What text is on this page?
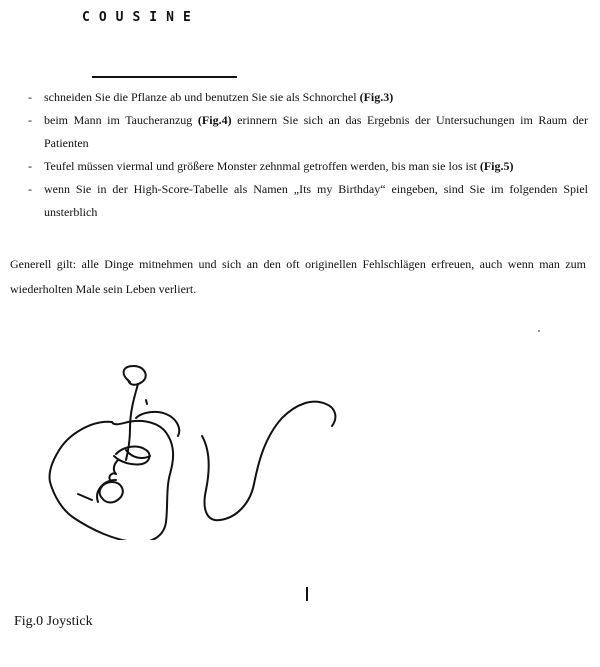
COUSINE
- schneiden Sie die Pflanze ab und benutzen Sie sie als Schnorchel (Fig.3)
- beim Mann im Taucheranzug (Fig.4) erinnern Sie sich an das Ergebnis der Untersuchungen im Raum der Patienten
- Teufel müssen viermal und größere Monster zehnmal getroffen werden, bis man sie los ist (Fig.5)
- wenn Sie in der High-Score-Tabelle als Namen „Its my Birthday“ eingeben, sind Sie im folgenden Spiel unsterblich

Generell gilt: alle Dinge mitnehmen und sich an den oft originellen Fehlschlägen erfreuen, auch wenn man zum wiederholten Male sein Leben verliert.

Fig.0 Joystick
